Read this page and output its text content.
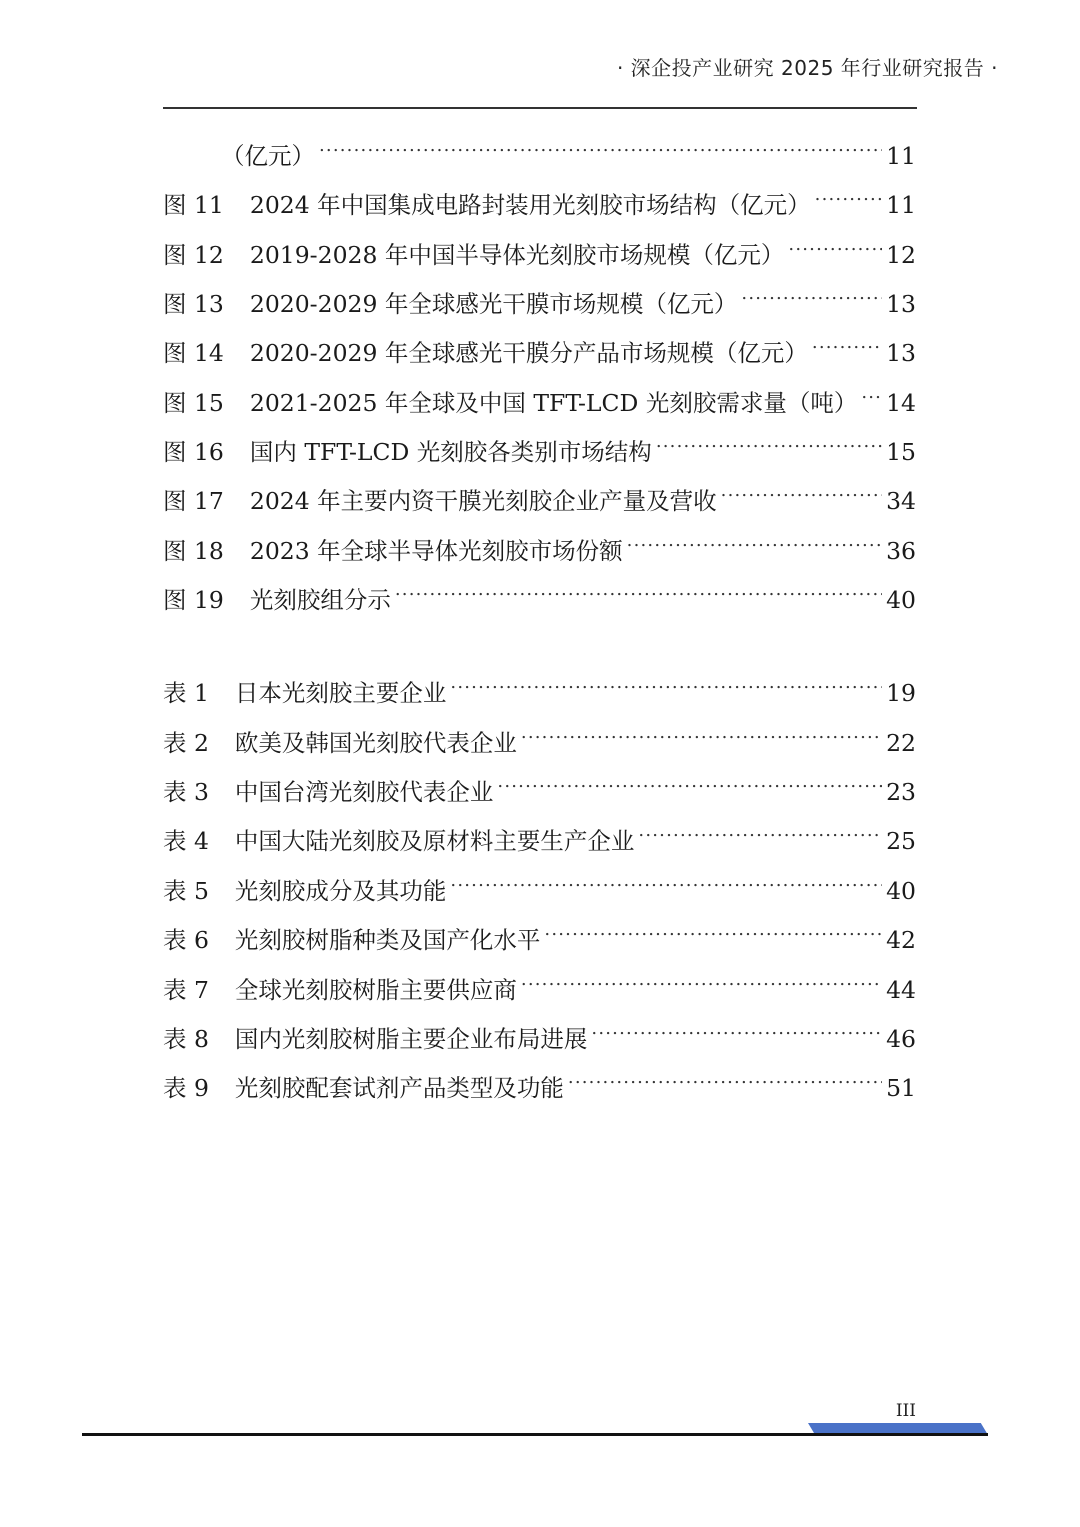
· 深企投产业研究 2025 年行业研究报告 ·
（亿元） .....	11
图 11 2024 年中国集成电路封装用光刻胶市场结构（亿元） .....	11
图 12 2019-2028 年中国半导体光刻胶市场规模（亿元） .....	12
图 13 2020-2029 年全球感光干膜市场规模（亿元） .....	13
图 14 2020-2029 年全球感光干膜分产品市场规模（亿元） .....	13
图 15 2021-2025 年全球及中国 TFT-LCD 光刻胶需求量（吨） ..... 14
图 16 国内 TFT-LCD 光刻胶各类别市场结构 .....	15
图 17 2024 年主要内资干膜光刻胶企业产量及营收 .....	34
图 18 2023 年全球半导体光刻胶市场份额 .....	36
图 19 光刻胶组分示 .....	40
表 1 日本光刻胶主要企业 .....	19
表 2 欧美及韩国光刻胶代表企业 .....	22
表 3 中国台湾光刻胶代表企业 .....	23
表 4 中国大陆光刻胶及原材料主要生产企业 .....	25
表 5 光刻胶成分及其功能 .....	40
表 6 光刻胶树脂种类及国产化水平 .....	42
表 7 全球光刻胶树脂主要供应商 .....	44
表 8 国内光刻胶树脂主要企业布局进展 .....	46
表 9 光刻胶配套试剂产品类型及功能 .....	51
III
